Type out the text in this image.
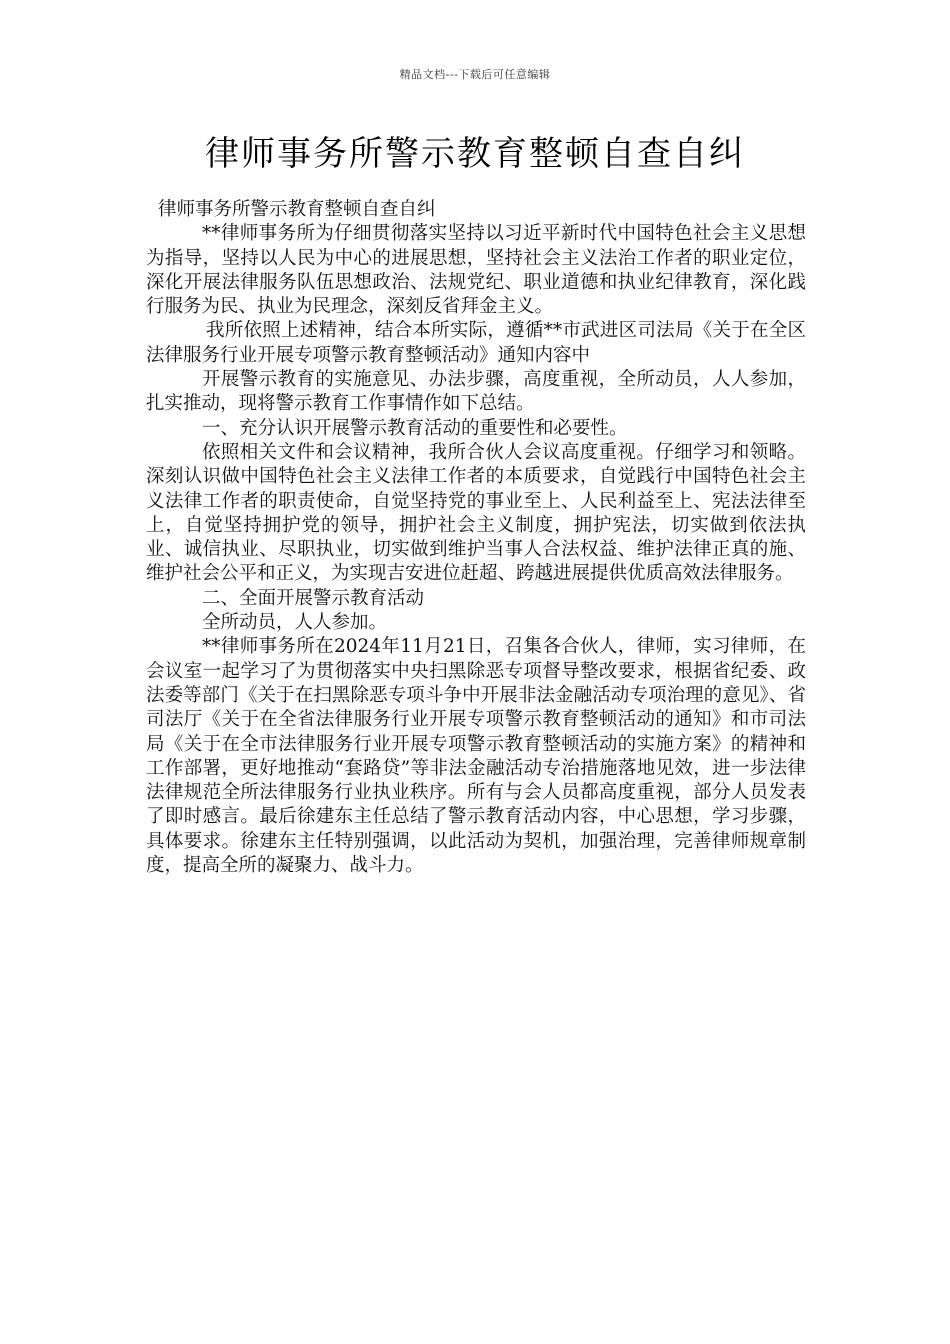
精品文档---下载后可任意编辑
律师事务所警示教育整顿自查自纠

律师事务所警示教育整顿自查自纠

**律师事务所为仔细贯彻落实坚持以习近平新时代中国特色社会主义思想为指导，坚持以人民为中心的进展思想，坚持社会主义法治工作者的职业定位，深化开展法律服务队伍思想政治、法规党纪、职业道德和执业纪律教育，深化践行服务为民、执业为民理念，深刻反省拜金主义。

我所依照上述精神，结合本所实际，遵循**市武进区司法局《关于在全区法律服务行业开展专项警示教育整顿活动》通知内容中

开展警示教育的实施意见、办法步骤，高度重视，全所动员，人人参加，扎实推动，现将警示教育工作事情作如下总结。

一、充分认识开展警示教育活动的重要性和必要性。

依照相关文件和会议精神，我所合伙人会议高度重视。仔细学习和领略。深刻认识做中国特色社会主义法律工作者的本质要求，自觉践行中国特色社会主义法律工作者的职责使命，自觉坚持党的事业至上、人民利益至上、宪法法律至上，自觉坚持拥护党的领导，拥护社会主义制度，拥护宪法，切实做到依法执业、诚信执业、尽职执业，切实做到维护当事人合法权益、维护法律正真的施、维护社会公平和正义，为实现吉安进位赶超、跨越进展提供优质高效法律服务。

二、全面开展警示教育活动

全所动员，人人参加。

**律师事务所在2024年11月21日，召集各合伙人，律师，实习律师，在会议室一起学习了为贯彻落实中央扫黑除恶专项督导整改要求，根据省纪委、政法委等部门《关于在扫黑除恶专项斗争中开展非法金融活动专项治理的意见》、省司法厅《关于在全省法律服务行业开展专项警示教育整顿活动的通知》和市司法局《关于在全市法律服务行业开展专项警示教育整顿活动的实施方案》的精神和工作部署，更好地推动“套路贷”等非法金融活动专治措施落地见效，进一步法律法律规范全所法律服务行业执业秩序。所有与会人员都高度重视，部分人员发表了即时感言。最后徐建东主任总结了警示教育活动内容，中心思想，学习步骤，具体要求。徐建东主任特别强调，以此活动为契机，加强治理，完善律师规章制度，提高全所的凝聚力、战斗力。
